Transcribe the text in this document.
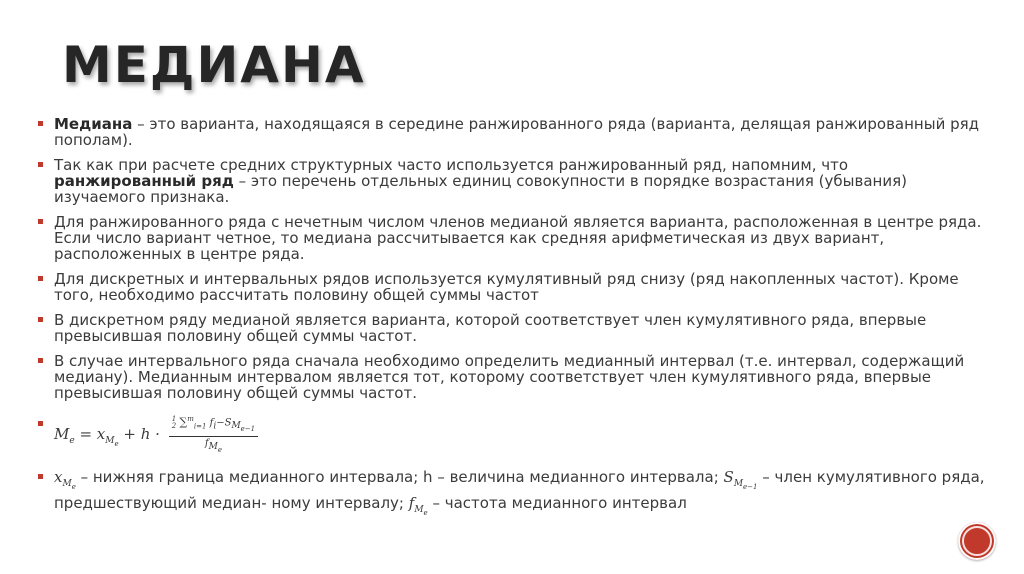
МЕДИАНА

Медиана – это варианта, находящаяся в середине ранжированного ряда (варианта, делящая ранжированный ряд пополам).

Так как при расчете средних структурных часто используется ранжированный ряд, напомним, что ранжированный ряд – это перечень отдельных единиц совокупности в порядке возрастания (убывания) изучаемого признака.

Для ранжированного ряда с нечетным числом членов медианой является варианта, расположенная в центре ряда. Если число вариант четное, то медиана рассчитывается как средняя арифметическая из двух вариант, расположенных в центре ряда.

Для дискретных и интервальных рядов используется кумулятивный ряд снизу (ряд накопленных частот). Кроме того, необходимо рассчитать половину общей суммы частот

В дискретном ряду медианой является варианта, которой соответствует член кумулятивного ряда, впервые превысившая половину общей суммы частот.

В случае интервального ряда сначала необходимо определить медианный интервал (т.е. интервал, содержащий медиану). Медианным интервалом является тот, которому соответствует член кумулятивного ряда, впервые превысившая половину общей суммы частот.

$M_e = x_{M_e} + h \cdot 1$
2 ∑$^m_{i=1}$ $f_i-S_{M_{e-1}}$
$f_{M_e}$

$x_{M_e}$ – нижняя граница медианного интервала; h – величина медианного интервала; $S_{M_{e-1}}$ – член кумулятивного ряда, предшествующий медиан- ному интервалу; $f_{M_e}$ – частота медианного интервал
